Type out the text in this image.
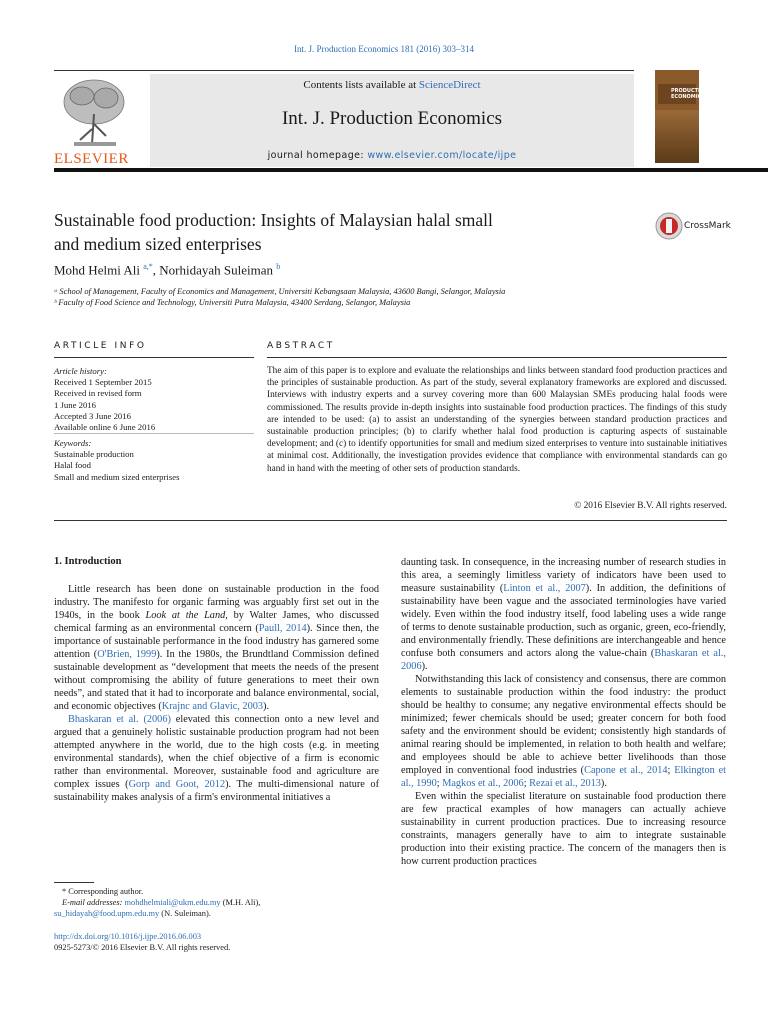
Int. J. Production Economics 181 (2016) 303–314
ELSEVIER
Contents lists available at ScienceDirect
Int. J. Production Economics
journal homepage: www.elsevier.com/locate/ijpe
PRODUCTION
ECONOMICS
Sustainable food production: Insights of Malaysian halal small
and medium sized enterprises
CrossMark
Mohd Helmi Ali $^{a,*}$, Norhidayah Suleiman $^b$
ᵃ School of Management, Faculty of Economics and Management, Universiti Kebangsaan Malaysia, 43600 Bangi, Selangor, Malaysia
ᵇ Faculty of Food Science and Technology, Universiti Putra Malaysia, 43400 Serdang, Selangor, Malaysia
ARTICLE INFO
Article history:
Received 1 September 2015
Received in revised form
1 June 2016
Accepted 3 June 2016
Available online 6 June 2016
Keywords:
Sustainable production
Halal food
Small and medium sized enterprises
ABSTRACT
The aim of this paper is to explore and evaluate the relationships and links between standard food production practices and the principles of sustainable production. As part of the study, several explanatory frameworks are explored and discussed. Interviews with industry experts and a survey covering more than 600 Malaysian SMEs producing halal foods were commissioned. The results provide in-depth insights into sustainable food production practices. The findings of this study are intended to be used: (a) to assist an understanding of the synergies between standard production practices and sustainable production principles; (b) to clarify whether halal food production is capturing aspects of sustainable development; and (c) to identify opportunities for small and medium sized enterprises to venture into sustainable initiatives at minimal cost. Additionally, the investigation provides evidence that compliance with environmental standards can go hand in hand with the meeting of other sets of production standards.
© 2016 Elsevier B.V. All rights reserved.
1. Introduction

Little research has been done on sustainable production in the food industry. The manifesto for organic farming was arguably first set out in the 1940s, in the book Look at the Land, by Walter James, who discussed chemical farming as an environmental concern (Paull, 2014). Since then, the importance of sustainable performance in the food industry has garnered some attention (O'Brien, 1999). In the 1980s, the Brundtland Commission defined sustainable development as “development that meets the needs of the present without compromising the ability of future generations to meet their own needs”, and stated that it had to incorporate and balance environmental, social, and economic objectives (Krajnc and Glavic, 2003).

Bhaskaran et al. (2006) elevated this connection onto a new level and argued that a genuinely holistic sustainable production program had not been attempted anywhere in the world, due to the high costs (e.g. in meeting environmental standards), when the chief objective of a firm is economic rather than environmental. Moreover, sustainable food and agriculture are complex issues (Gorp and Goot, 2012). The multi-dimensional nature of sustainability makes analysis of a firm's environmental initiatives a

* Corresponding author.
E-mail addresses: mohdhelmiali@ukm.edu.my (M.H. Ali),
su_hidayah@food.upm.edu.my (N. Suleiman).
http://dx.doi.org/10.1016/j.ijpe.2016.06.003
0925-5273/© 2016 Elsevier B.V. All rights reserved.

daunting task. In consequence, in the increasing number of research studies in this area, a seemingly limitless variety of indicators have been used to measure sustainability (Linton et al., 2007). In addition, the definitions of sustainability have been vague and the associated terminologies have varied widely. Even within the food industry itself, food labeling uses a wide range of terms to denote sustainable production, such as organic, green, eco-friendly, and environmentally friendly. These definitions are interchangeable and hence confuse both consumers and actors along the value-chain (Bhaskaran et al., 2006).

Notwithstanding this lack of consistency and consensus, there are common elements to sustainable production within the food industry: the product should be healthy to consume; any negative environmental effects should be minimized; fewer chemicals should be used; greater concern for both food safety and the environment should be evident; consistently high standards of animal rearing should be implemented, in relation to both health and welfare; and employees should be able to achieve better livelihoods than those employed in conventional food industries (Capone et al., 2014; Elkington et al., 1990; Magkos et al., 2006; Rezai et al., 2013).

Even within the specialist literature on sustainable food production there are few practical examples of how managers can actually achieve sustainability in current production practices. Due to increasing resource constraints, managers generally have to aim to integrate sustainable production into their existing practice. The concern of the managers then is how current production practices
